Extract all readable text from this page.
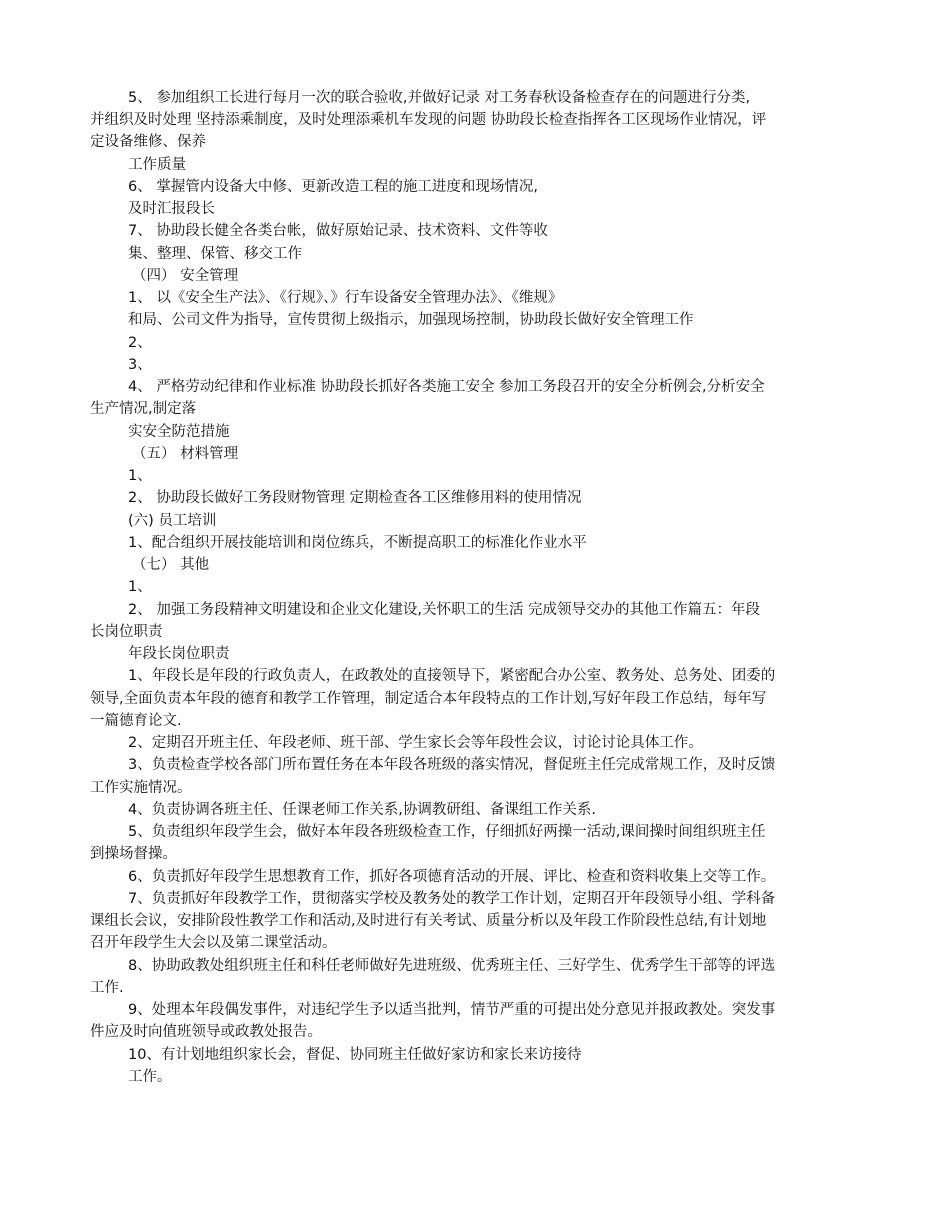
5、 参加组织工长进行每月一次的联合验收,并做好记录 对工务春秋设备检查存在的问题进行分类,
并组织及时处理 坚持添乘制度，及时处理添乘机车发现的问题 协助段长检查指挥各工区现场作业情况，评
定设备维修、保养
工作质量
6、 掌握管内设备大中修、更新改造工程的施工进度和现场情况,
及时汇报段长
7、 协助段长健全各类台帐，做好原始记录、技术资料、文件等收
集、整理、保管、移交工作
（四） 安全管理
1、 以《安全生产法》、《行规》、》行车设备安全管理办法》、《维规》
和局、公司文件为指导，宣传贯彻上级指示，加强现场控制，协助段长做好安全管理工作
2、
3、
4、 严格劳动纪律和作业标准 协助段长抓好各类施工安全 参加工务段召开的安全分析例会,分析安全
生产情况,制定落
实安全防范措施
（五） 材料管理
1、
2、 协助段长做好工务段财物管理 定期检查各工区维修用料的使用情况
(六) 员工培训
1、配合组织开展技能培训和岗位练兵，不断提高职工的标准化作业水平
（七） 其他
1、
2、 加强工务段精神文明建设和企业文化建设,关怀职工的生活 完成领导交办的其他工作篇五：年段
长岗位职责
年段长岗位职责
1、年段长是年段的行政负责人，在政教处的直接领导下，紧密配合办公室、教务处、总务处、团委的
领导,全面负责本年段的德育和教学工作管理，制定适合本年段特点的工作计划,写好年段工作总结，每年写
一篇德育论文.
2、定期召开班主任、年段老师、班干部、学生家长会等年段性会议，讨论讨论具体工作。
3、负责检查学校各部门所布置任务在本年段各班级的落实情况，督促班主任完成常规工作，及时反馈
工作实施情况。
4、负责协调各班主任、任课老师工作关系,协调教研组、备课组工作关系.
5、负责组织年段学生会，做好本年段各班级检查工作，仔细抓好两操一活动,课间操时间组织班主任
到操场督操。
6、负责抓好年段学生思想教育工作，抓好各项德育活动的开展、评比、检查和资料收集上交等工作。
7、负责抓好年段教学工作，贯彻落实学校及教务处的教学工作计划，定期召开年段领导小组、学科备
课组长会议，安排阶段性教学工作和活动,及时进行有关考试、质量分析以及年段工作阶段性总结,有计划地
召开年段学生大会以及第二课堂活动。
8、协助政教处组织班主任和科任老师做好先进班级、优秀班主任、三好学生、优秀学生干部等的评选
工作.
9、处理本年段偶发事件，对违纪学生予以适当批判，情节严重的可提出处分意见并报政教处。突发事
件应及时向值班领导或政教处报告。
10、有计划地组织家长会，督促、协同班主任做好家访和家长来访接待
工作。
